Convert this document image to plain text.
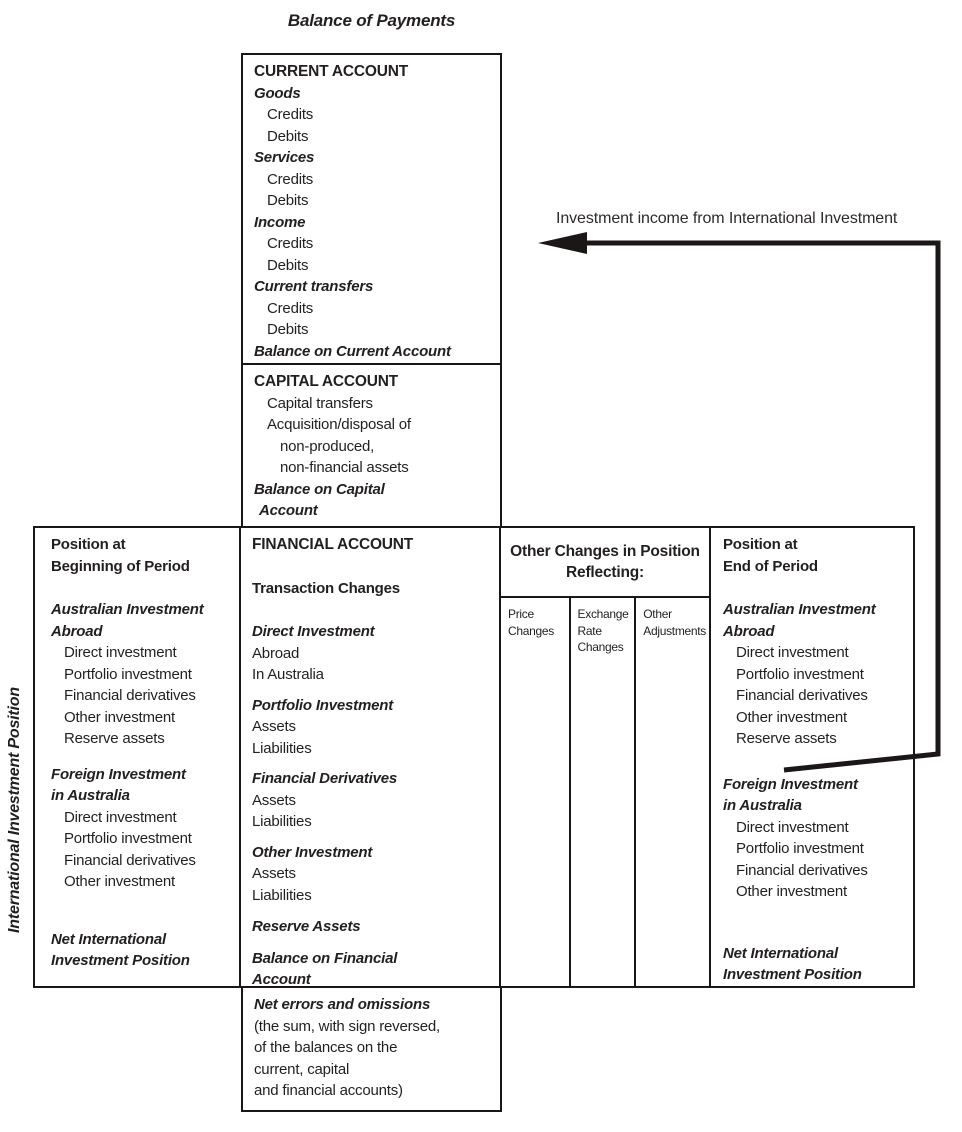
Balance of Payments
Investment income from International Investment
CURRENT ACCOUNT
Goods
Credits
Debits
Services
Credits
Debits
Income
Credits
Debits
Current transfers
Credits
Debits
Balance on Current Account
CAPITAL ACCOUNT
Capital transfers
Acquisition/disposal of
non-produced,
non-financial assets
Balance on Capital
Account
Position at
Beginning of Period
Australian Investment
Abroad
Direct investment
Portfolio investment
Financial derivatives
Other investment
Reserve assets
Foreign Investment
in Australia
Direct investment
Portfolio investment
Financial derivatives
Other investment
Net International
Investment Position
FINANCIAL ACCOUNT
Transaction Changes
Direct Investment
Abroad
In Australia
Portfolio Investment
Assets
Liabilities
Financial Derivatives
Assets
Liabilities
Other Investment
Assets
Liabilities
Reserve Assets
Balance on Financial
Account
Other Changes in Position Reflecting:
Price Changes
Exchange Rate Changes
Other Adjustments
Position at
End of Period
Australian Investment
Abroad
Direct investment
Portfolio investment
Financial derivatives
Other investment
Reserve assets
Foreign Investment
in Australia
Direct investment
Portfolio investment
Financial derivatives
Other investment
Net International
Investment Position
Net errors and omissions
(the sum, with sign reversed,
of the balances on the
current, capital
and financial accounts)
International Investment Position
